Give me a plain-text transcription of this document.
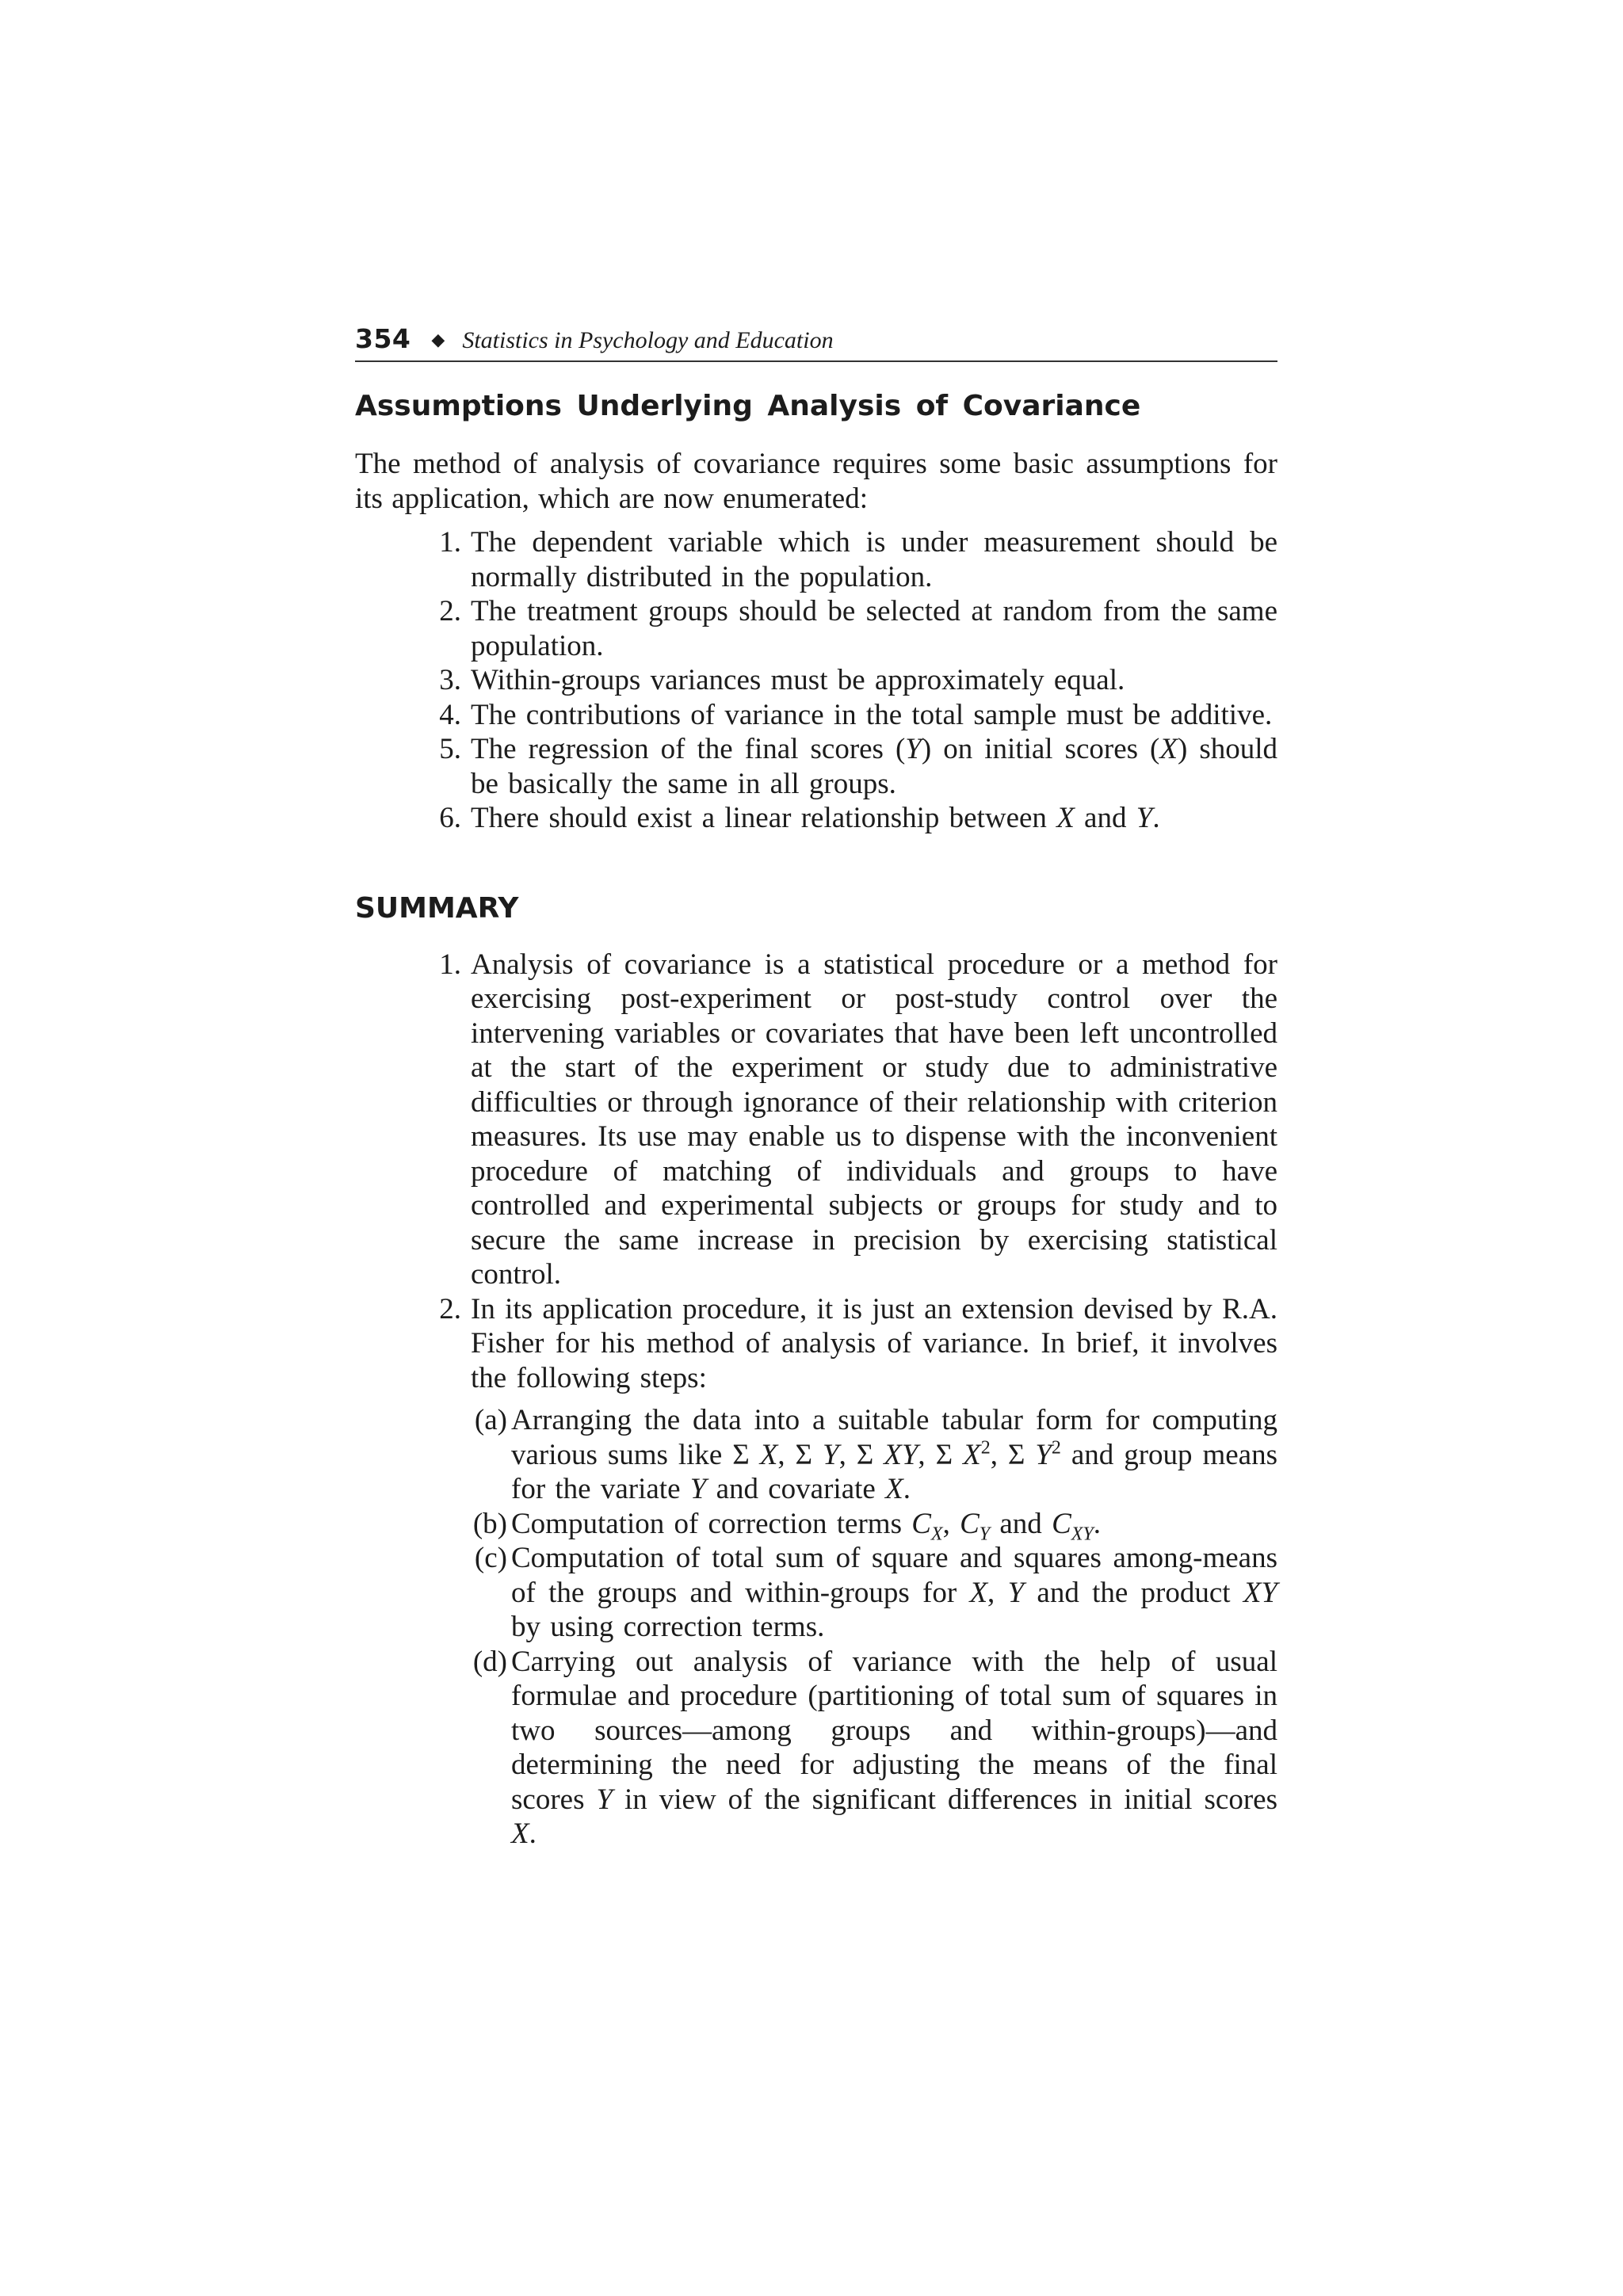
354 ◆ Statistics in Psychology and Education
Assumptions Underlying Analysis of Covariance

The method of analysis of covariance requires some basic assumptions for its application, which are now enumerated:

1. The dependent variable which is under measurement should be normally distributed in the population.
2. The treatment groups should be selected at random from the same population.
3. Within-groups variances must be approximately equal.
4. The contributions of variance in the total sample must be additive.
5. The regression of the final scores (Y) on initial scores (X) should be basically the same in all groups.
6. There should exist a linear relationship between X and Y.
SUMMARY
1. Analysis of covariance is a statistical procedure or a method for exercising post-experiment or post-study control over the intervening variables or covariates that have been left uncontrolled at the start of the experiment or study due to administrative difficulties or through ignorance of their relationship with criterion measures. Its use may enable us to dispense with the inconvenient procedure of matching of individuals and groups to have controlled and experimental subjects or groups for study and to secure the same increase in precision by exercising statistical control.
2. In its application procedure, it is just an extension devised by R.A. Fisher for his method of analysis of variance. In brief, it involves the following steps:
(a) Arranging the data into a suitable tabular form for computing various sums like Σ X, Σ Y, Σ XY, Σ $X^2$, Σ $Y^2$ and group means for the variate Y and covariate X.
(b) Computation of correction terms $C_X$, $C_Y$ and $C_{XY}$.
(c) Computation of total sum of square and squares among-means of the groups and within-groups for X, Y and the product XY by using correction terms.
(d) Carrying out analysis of variance with the help of usual formulae and procedure (partitioning of total sum of squares in two sources—among groups and within-groups)—and determining the need for adjusting the means of the final scores Y in view of the significant differences in initial scores X.
